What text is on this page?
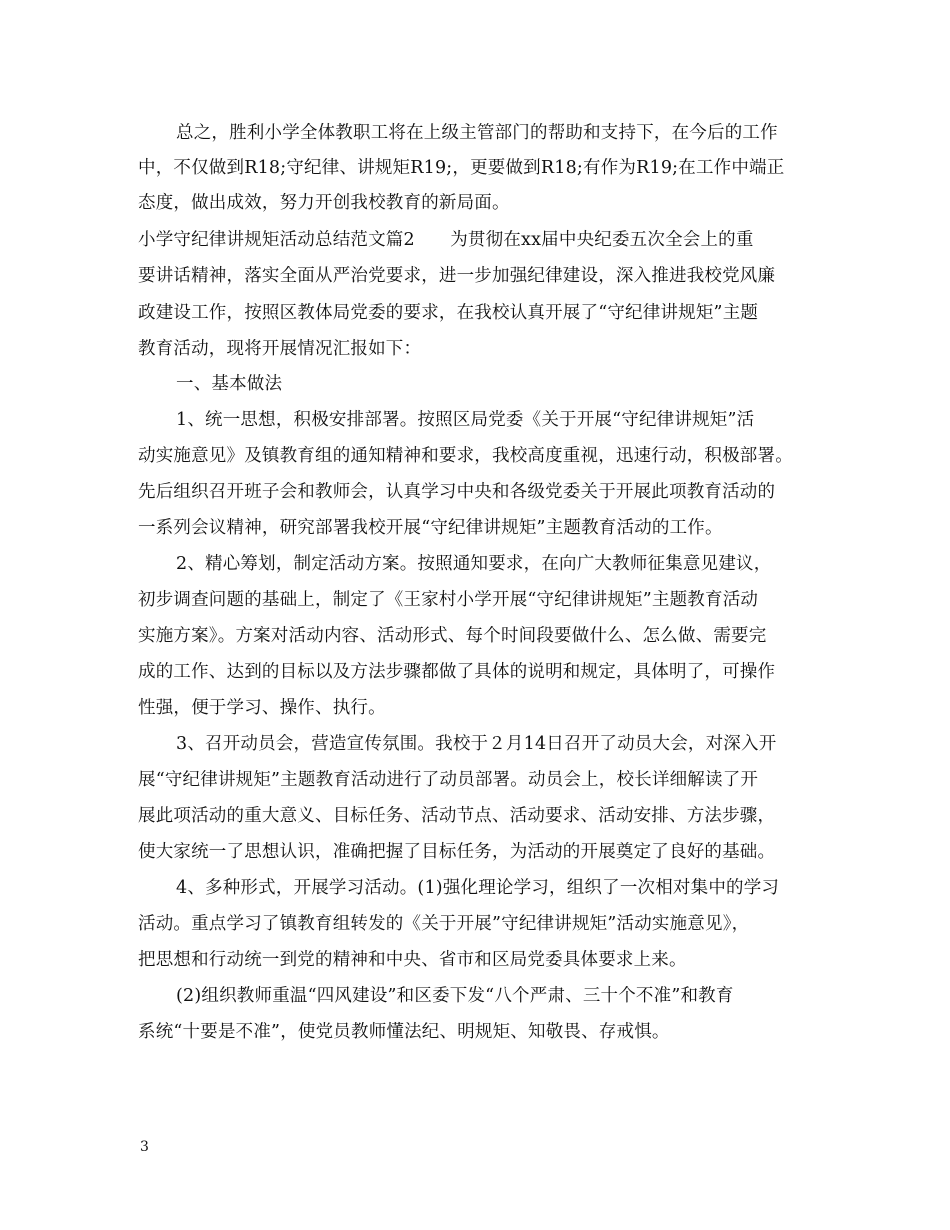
总之，胜利小学全体教职工将在上级主管部门的帮助和支持下，在今后的工作
中，不仅做到R18;守纪律、讲规矩R19;，更要做到R18;有作为R19;在工作中端正
态度，做出成效，努力开创我校教育的新局面。
小学守纪律讲规矩活动总结范文篇2　　为贯彻在xx届中央纪委五次全会上的重
要讲话精神，落实全面从严治党要求，进一步加强纪律建设，深入推进我校党风廉
政建设工作，按照区教体局党委的要求，在我校认真开展了“守纪律讲规矩”主题
教育活动，现将开展情况汇报如下：
一、基本做法
1、统一思想，积极安排部署。按照区局党委《关于开展“守纪律讲规矩”活
动实施意见》及镇教育组的通知精神和要求，我校高度重视，迅速行动，积极部署。
先后组织召开班子会和教师会，认真学习中央和各级党委关于开展此项教育活动的
一系列会议精神，研究部署我校开展“守纪律讲规矩”主题教育活动的工作。
2、精心筹划，制定活动方案。按照通知要求，在向广大教师征集意见建议，
初步调查问题的基础上，制定了《王家村小学开展“守纪律讲规矩”主题教育活动
实施方案》。方案对活动内容、活动形式、每个时间段要做什么、怎么做、需要完
成的工作、达到的目标以及方法步骤都做了具体的说明和规定，具体明了，可操作
性强，便于学习、操作、执行。
3、召开动员会，营造宣传氛围。我校于２月14日召开了动员大会，对深入开
展“守纪律讲规矩”主题教育活动进行了动员部署。动员会上，校长详细解读了开
展此项活动的重大意义、目标任务、活动节点、活动要求、活动安排、方法步骤，
使大家统一了思想认识，准确把握了目标任务，为活动的开展奠定了良好的基础。
4、多种形式，开展学习活动。(1)强化理论学习，组织了一次相对集中的学习
活动。重点学习了镇教育组转发的《关于开展”守纪律讲规矩”活动实施意见》，
把思想和行动统一到党的精神和中央、省市和区局党委具体要求上来。
(2)组织教师重温“四风建设”和区委下发“八个严肃、三十个不准”和教育
系统“十要是不准”，使党员教师懂法纪、明规矩、知敬畏、存戒惧。
3
